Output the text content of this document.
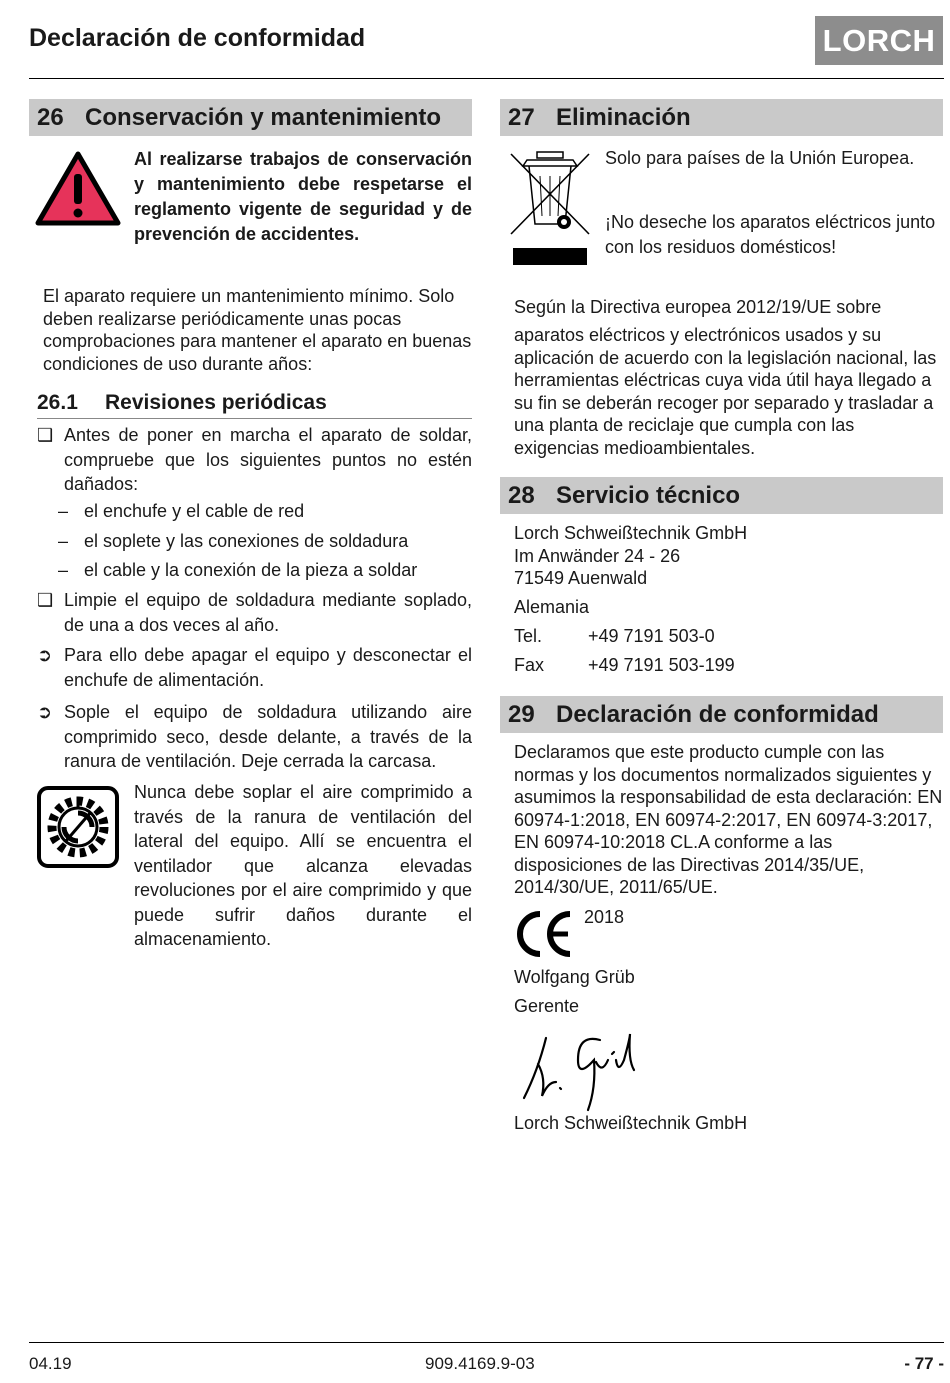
Declaración de conformidad	LORCH
26 Conservación y mantenimiento
Al realizarse trabajos de conservación y mantenimiento debe respetarse el reglamento vigente de seguridad y de prevención de accidentes.
El aparato requiere un mantenimiento mínimo. Solo deben realizarse periódicamente unas pocas comprobaciones para mantener el aparato en buenas condiciones de uso durante años:
26.1 Revisiones periódicas
❑ Antes de poner en marcha el aparato de soldar, compruebe que los siguientes puntos no estén dañados:
– el enchufe y el cable de red
– el soplete y las conexiones de soldadura
– el cable y la conexión de la pieza a soldar
❑ Limpie el equipo de soldadura mediante soplado, de una a dos veces al año.
➲ Para ello debe apagar el equipo y desconectar el enchufe de alimentación.
➲ Sople el equipo de soldadura utilizando aire comprimido seco, desde delante, a través de la ranura de ventilación. Deje cerrada la carcasa.
Nunca debe soplar el aire comprimido a través de la ranura de ventilación del lateral del equipo. Allí se encuentra el ventilador que alcanza elevadas revoluciones por el aire comprimido y que puede sufrir daños durante el almacenamiento.
27 Eliminación
Solo para países de la Unión Europea.
¡No deseche los aparatos eléctricos junto con los residuos domésticos!
Según la Directiva europea 2012/19/UE sobre
aparatos eléctricos y electrónicos usados y su aplicación de acuerdo con la legislación nacional, las herramientas eléctricas cuya vida útil haya llegado a su fin se deberán recoger por separado y trasladar a una planta de reciclaje que cumpla con las exigencias medioambientales.
28 Servicio técnico
Lorch Schweißtechnik GmbH
Im Anwänder 24 - 26
71549 Auenwald
Alemania
Tel.	+49 7191 503-0
Fax +49 7191 503-199
29 Declaración de conformidad
Declaramos que este producto cumple con las normas y los documentos normalizados siguientes y asumimos la responsabilidad de esta declaración: EN 60974-1:2018, EN 60974-2:2017, EN 60974-3:2017, EN 60974-10:2018 CL.A conforme a las disposiciones de las Directivas 2014/35/UE, 2014/30/UE, 2011/65/UE.
2018
Wolfgang Grüb
Gerente
Lorch Schweißtechnik GmbH
04.19	909.4169.9-03	- 77 -
